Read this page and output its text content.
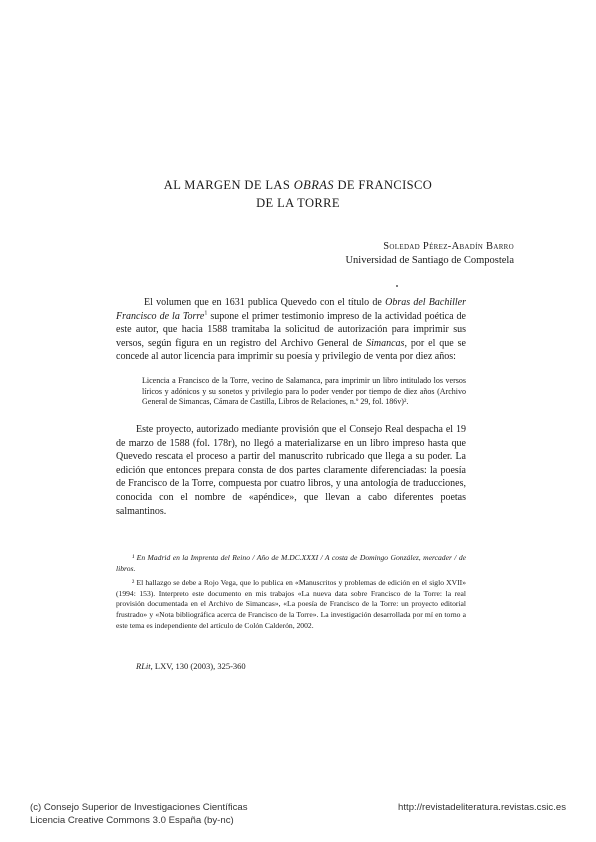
AL MARGEN DE LAS OBRAS DE FRANCISCO
DE LA TORRE
Soledad Pérez-Abadín Barro
Universidad de Santiago de Compostela

El volumen que en 1631 publica Quevedo con el título de Obras del Bachiller Francisco de la Torre$^1$ supone el primer testimonio impreso de la actividad poética de este autor, que hacia 1588 tramitaba la solicitud de autorización para imprimir sus versos, según figura en un registro del Archivo General de Simancas, por el que se concede al autor licencia para imprimir su poesía y privilegio de venta por diez años:

Licencia a Francisco de la Torre, vecino de Salamanca, para imprimir un libro intitulado los versos líricos y adónicos y su sonetos y privilegio para lo poder vender por tiempo de diez años (Archivo General de Simancas, Cámara de Castilla, Libros de Relaciones, n.º 29, fol. 186v)².
Este proyecto, autorizado mediante provisión que el Consejo Real despacha el 19 de marzo de 1588 (fol. 178r), no llegó a materializarse en un libro impreso hasta que Quevedo rescata el proceso a partir del manuscrito rubricado que llega a su poder. La edición que entonces prepara consta de dos partes claramente diferenciadas: la poesía de Francisco de la Torre, compuesta por cuatro libros, y una antología de traducciones, conocida con el nombre de «apéndice», que llevan a cabo diferentes poetas salmantinos.

¹ En Madrid en la Imprenta del Reino / Año de M.DC.XXXI / A costa de Domingo González, mercader / de libros.

² El hallazgo se debe a Rojo Vega, que lo publica en «Manuscritos y problemas de edición en el siglo XVII» (1994: 153). Interpreto este documento en mis trabajos «La nueva data sobre Francisco de la Torre: la real provisión documentada en el Archivo de Simancas», «La poesía de Francisco de la Torre: un proyecto editorial frustrado» y «Nota bibliográfica acerca de Francisco de la Torre». La investigación desarrollada por mí en torno a este tema es independiente del artículo de Colón Calderón, 2002.

RLit, LXV, 130 (2003), 325-360
(c) Consejo Superior de Investigaciones Científicas
Licencia Creative Commons 3.0 España (by-nc)
http://revistadeliteratura.revistas.csic.es
